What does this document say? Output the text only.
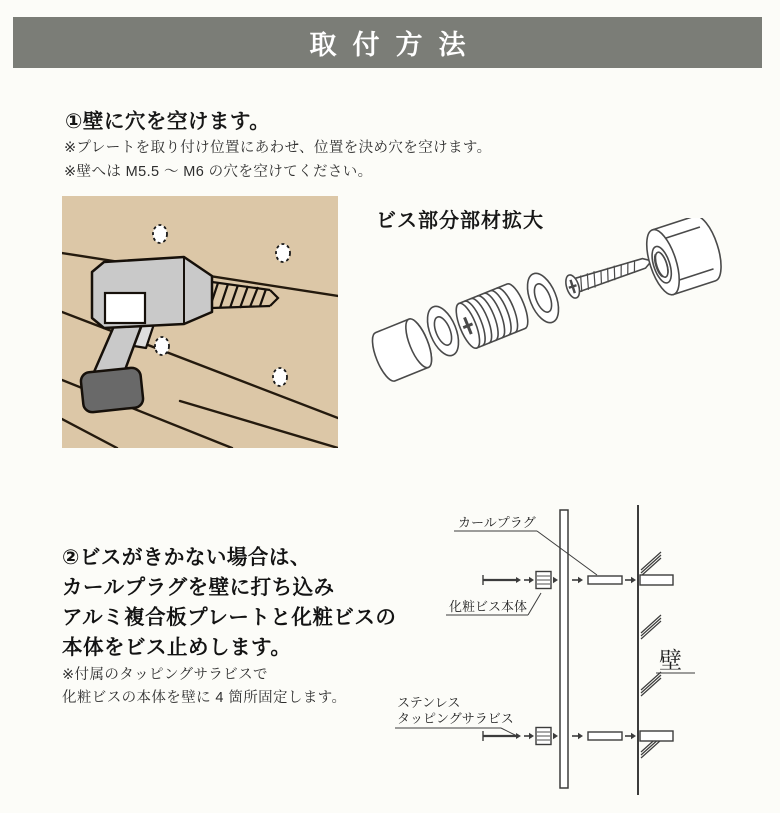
取付方法
①壁に穴を空けます。
※プレートを取り付け位置にあわせ、位置を決め穴を空けます。
※壁へは M5.5 ～ M6 の穴を空けてください。
ビス部分部材拡大
②ビスがきかない場合は、
カールプラグを壁に打ち込み
アルミ複合板プレートと化粧ビスの
本体をビス止めします。
※付属のタッピングサラビスで
化粧ビスの本体を壁に 4 箇所固定します。
カールプラグ
化粧ビス本体
ステンレス
タッピングサラビス
壁
